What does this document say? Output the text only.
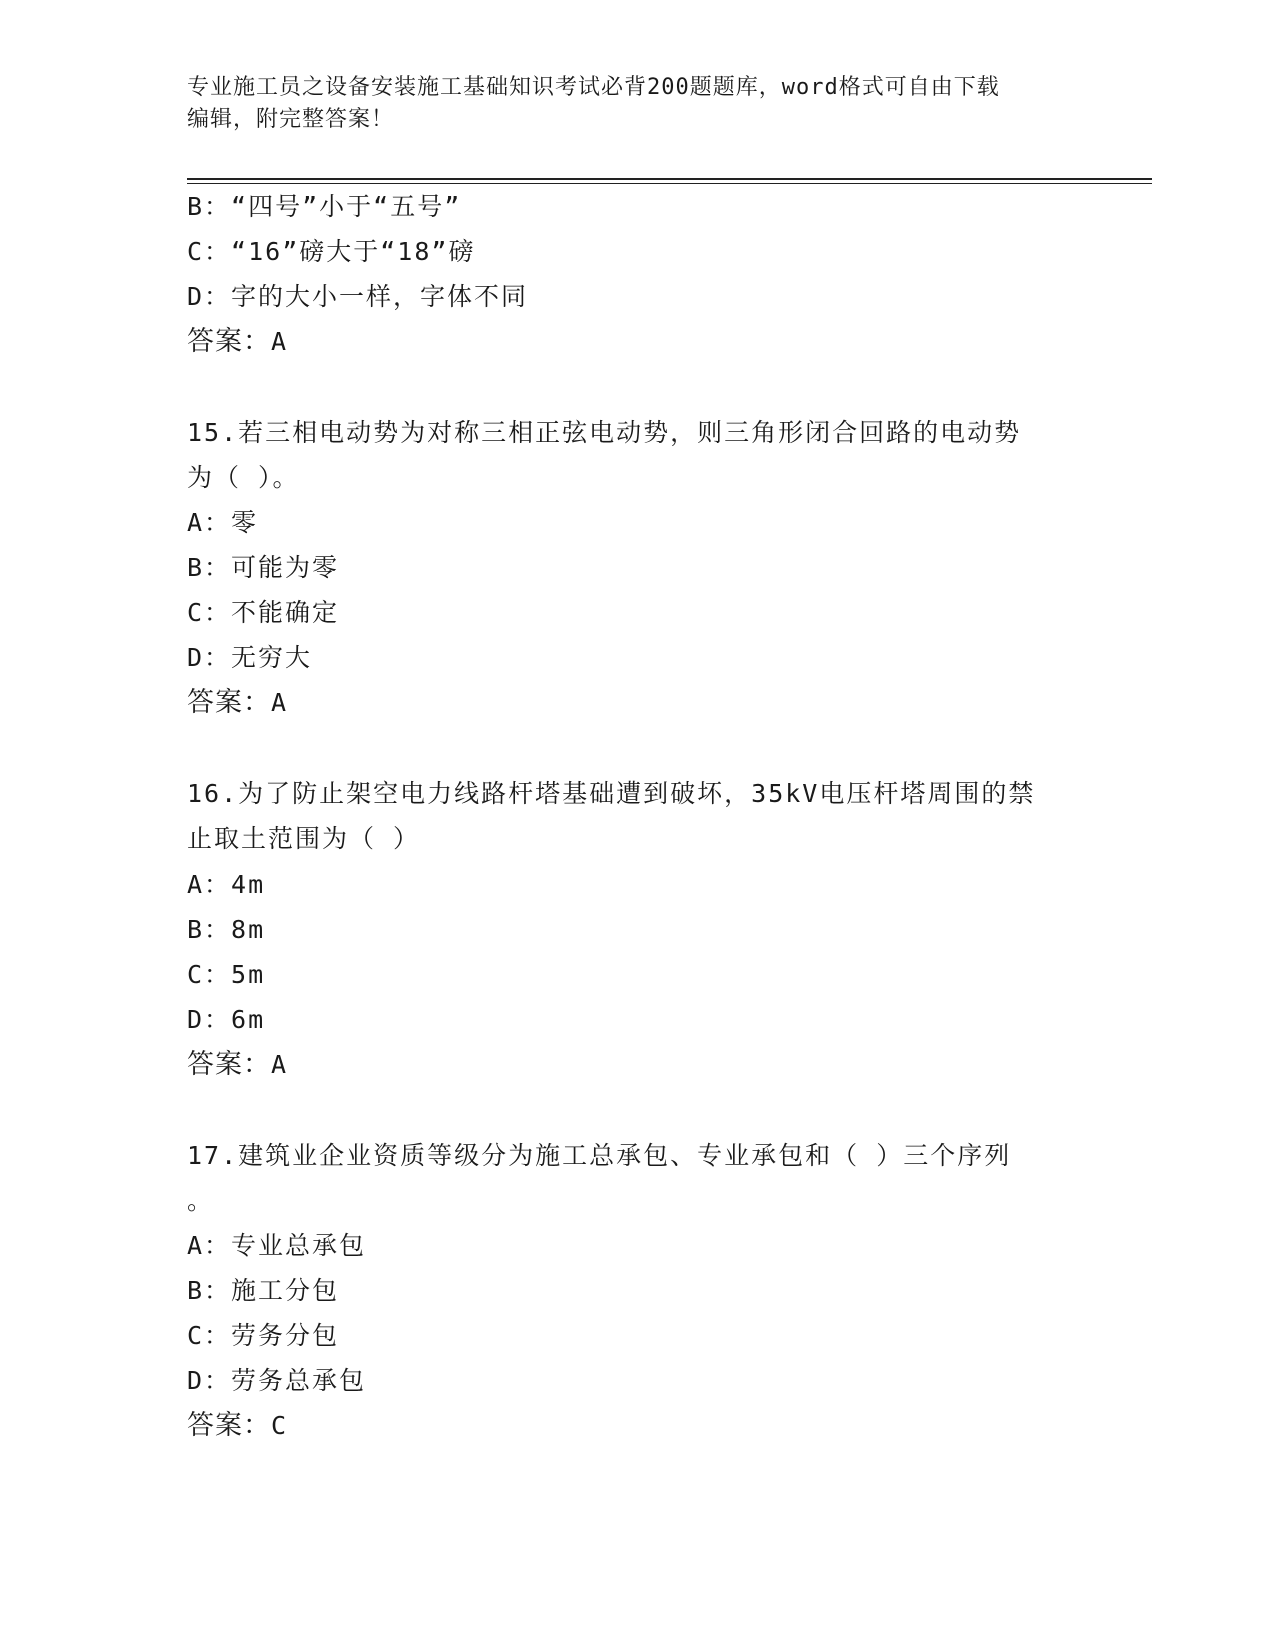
专业施工员之设备安装施工基础知识考试必背200题题库，word格式可自由下载
编辑，附完整答案！
B：“四号”小于“五号”
C：“16”磅大于“18”磅
D：字的大小一样，字体不同
答案：A
15.若三相电动势为对称三相正弦电动势，则三角形闭合回路的电动势
为（ ）。
A：零
B：可能为零
C：不能确定
D：无穷大
答案：A
16.为了防止架空电力线路杆塔基础遭到破坏，35kV电压杆塔周围的禁
止取土范围为（ ）
A：4m
B：8m
C：5m
D：6m
答案：A
17.建筑业企业资质等级分为施工总承包、专业承包和（ ）三个序列
。
A：专业总承包
B：施工分包
C：劳务分包
D：劳务总承包
答案：C
